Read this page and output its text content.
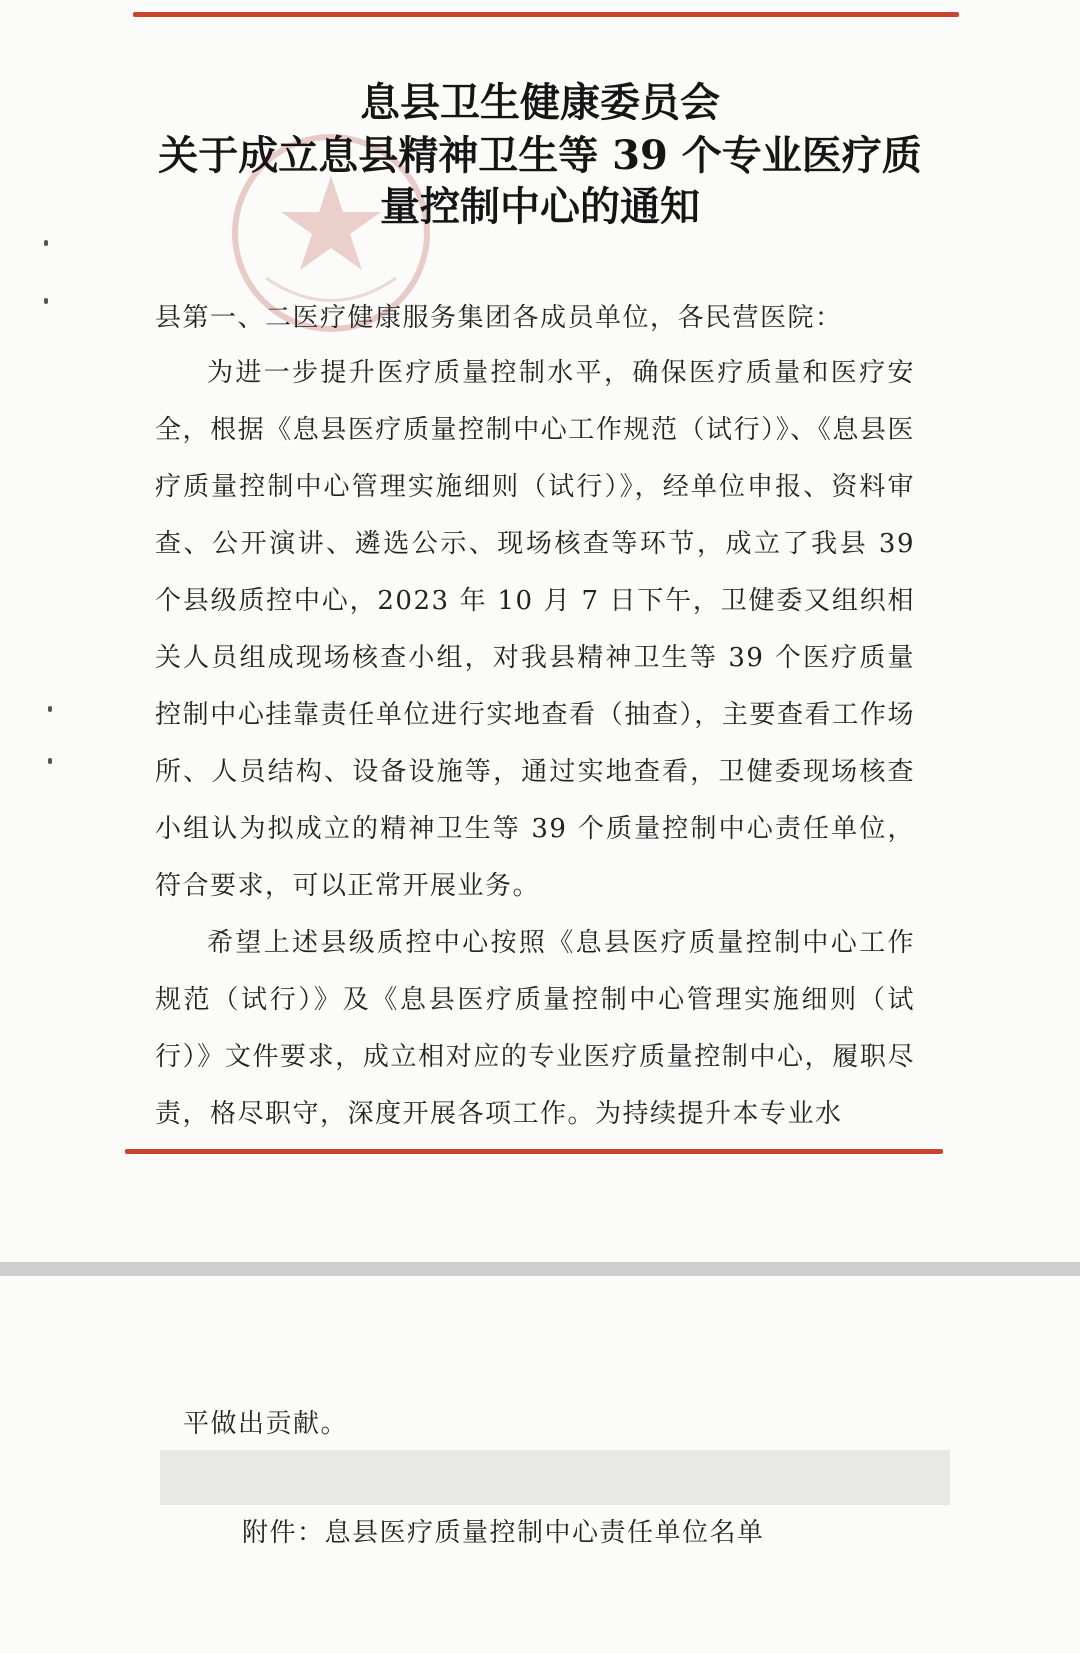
息县卫生健康委员会
关于成立息县精神卫生等 39 个专业医疗质
量控制中心的通知

县第一、二医疗健康服务集团各成员单位，各民营医院：

为进一步提升医疗质量控制水平，确保医疗质量和医疗安全，根据《息县医疗质量控制中心工作规范（试行）》、《息县医疗质量控制中心管理实施细则（试行）》，经单位申报、资料审查、公开演讲、遴选公示、现场核查等环节，成立了我县 39 个县级质控中心，2023 年 10 月 7 日下午，卫健委又组织相关人员组成现场核查小组，对我县精神卫生等 39 个医疗质量控制中心挂靠责任单位进行实地查看（抽查），主要查看工作场所、人员结构、设备设施等，通过实地查看，卫健委现场核查小组认为拟成立的精神卫生等 39 个质量控制中心责任单位，符合要求，可以正常开展业务。

希望上述县级质控中心按照《息县医疗质量控制中心工作规范（试行）》及《息县医疗质量控制中心管理实施细则（试行）》文件要求，成立相对应的专业医疗质量控制中心，履职尽责，格尽职守，深度开展各项工作。为持续提升本专业水

平做出贡献。

附件：息县医疗质量控制中心责任单位名单
